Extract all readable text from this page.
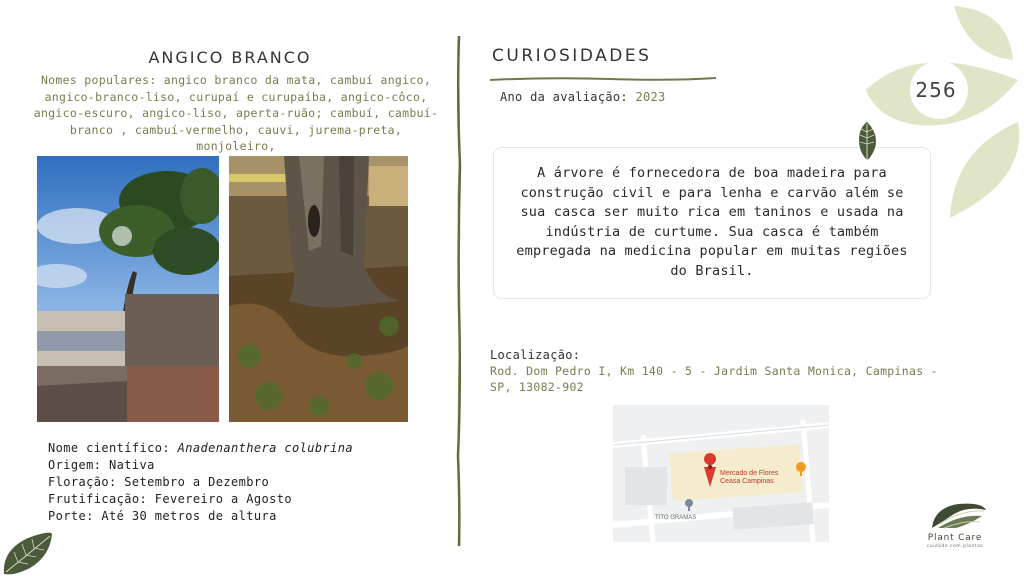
ANGICO BRANCO
Nomes populares: angico branco da mata, cambuí angico, angico-branco-liso, curupaí e curupaíba, angico-côco, angico-escuro, angico-liso, aperta-ruão; cambuí, cambuí-branco , cambuí-vermelho, cauvi, jurema-preta, monjoleiro,
Nome científico: Anadenanthera colubrina
Origem: Nativa
Floração: Setembro a Dezembro
Frutificação: Fevereiro a Agosto
Porte: Até 30 metros de altura
CURIOSIDADES
Ano da avaliação: 2023
A árvore é fornecedora de boa madeira para construção civil e para lenha e carvão além se sua casca ser muito rica em taninos e usada na indústria de curtume. Sua casca é também empregada na medicina popular em muitas regiões do Brasil.
Localização:
Rod. Dom Pedro I, Km 140 - 5 - Jardim Santa Monica, Campinas - SP, 13082-902
Mercado de Flores
Ceasa Campinas
TITO GRAMAS
256
Plant Care
cuidado com plantas
